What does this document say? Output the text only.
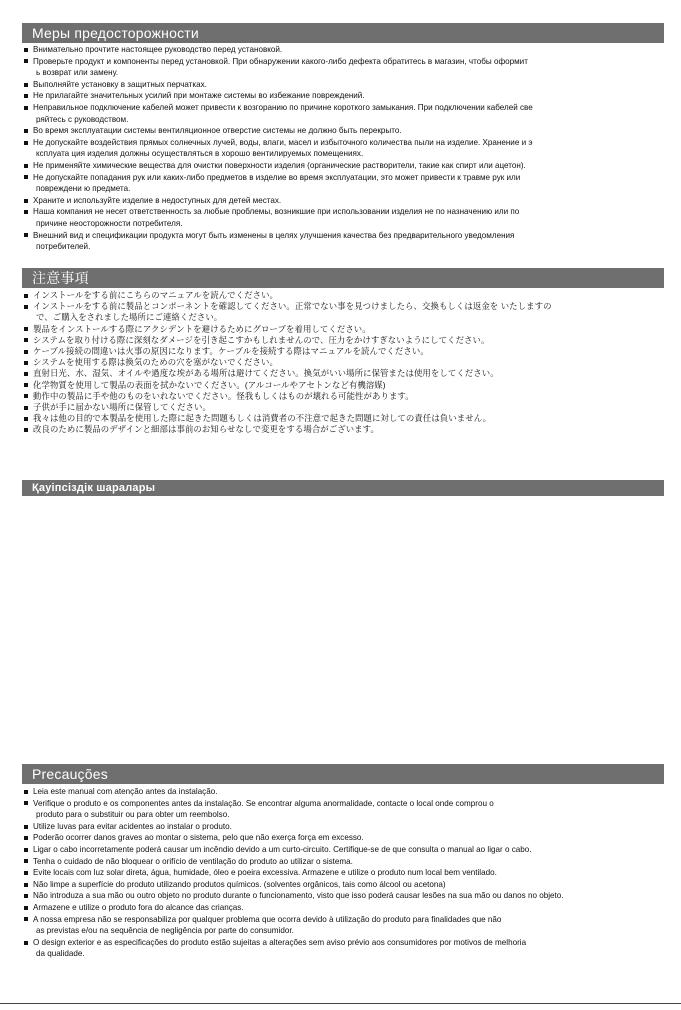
Меры предосторожности
Внимательно прочтите настоящее руководство перед установкой.
Проверьте продукт и компоненты перед установкой. При обнаружении какого-либо дефекта обратитесь в магазин, чтобы оформит
ь возврат или замену.
Выполняйте установку в защитных перчатках.
Не прилагайте значительных усилий при монтаже системы во избежание повреждений.
Неправильное подключение кабелей может привести к возгоранию по причине короткого замыкания. При подключении кабелей све
ряйтесь с руководством.
Во время эксплуатации системы вентиляционное отверстие системы не должно быть перекрыто.
Не допускайте воздействия прямых солнечных лучей, воды, влаги, масел и избыточного количества пыли на изделие. Хранение и э
ксплуата ция изделия должны осуществляться в хорошо вентилируемых помещениях.
Не применяйте химические вещества для очистки поверхности изделия (органические растворители, такие как спирт или ацетон).
Не допускайте попадания рук или каких-либо предметов в изделие во время эксплуатации, это может привести к травме рук или
повреждени ю предмета.
Храните и используйте изделие в недоступных для детей местах.
Наша компания не несет ответственность за любые проблемы, возникшие при использовании изделия не по назначению или по
причине неосторожности потребителя.
Внешний вид и спецификации продукта могут быть изменены в целях улучшения качества без предварительного уведомления
потребителей.
注意事項
インストールをする前にこちらのマニュアルを読んでください。
インストールをする前に製品とコンポーネントを確認してください。正常でない事を見つけましたら、交換もしくは返金を いたしますの
で、ご購入をされました場所にご連絡ください。
製品をインストールする際にアクシデントを避けるためにグローブを着用してください。
システムを取り付ける際に深刻なダメージを引き起こすかもしれませんので、圧力をかけすぎないようにしてください。
ケーブル接続の間違いは火事の原因になります。ケーブルを接続する際はマニュアルを読んでください。
システムを使用する際は換気のための穴を塞がないでください。
直射日光、水、湿気、オイルや過度な埃がある場所は避けてください。換気がいい場所に保管または使用をしてください。
化学物質を使用して製品の表面を拭かないでください。(アルコールやアセトンなど有機溶媒)
動作中の製品に手や他のものをいれないでください。怪我もしくはものが壊れる可能性があります。
子供が手に届かない場所に保管してください。
我々は他の目的で本製品を使用した際に起きた問題もしくは消費者の不注意で起きた問題に対しての責任は負いません。
改良のために製品のデザインと細部は事前のお知らせなしで変更をする場合がございます。
Қауіпсіздік шаралары
Precauções
Leia este manual com atenção antes da instalação.
Verifique o produto e os componentes antes da instalação. Se encontrar alguma anormalidade, contacte o local onde comprou o
produto para o substituir ou para obter um reembolso.
Utilize luvas para evitar acidentes ao instalar o produto.
Poderão ocorrer danos graves ao montar o sistema, pelo que não exerça força em excesso.
Ligar o cabo incorretamente poderá causar um incêndio devido a um curto-circuito. Certifique-se de que consulta o manual ao ligar o cabo.
Tenha o cuidado de não bloquear o orifício de ventilação do produto ao utilizar o sistema.
Evite locais com luz solar direta, água, humidade, óleo e poeira excessiva. Armazene e utilize o produto num local bem ventilado.
Não limpe a superfície do produto utilizando produtos químicos. (solventes orgânicos, tais como álcool ou acetona)
Não introduza a sua mão ou outro objeto no produto durante o funcionamento, visto que isso poderá causar lesões na sua mão ou danos no objeto.
Armazene e utilize o produto fora do alcance das crianças.
A nossa empresa não se responsabiliza por qualquer problema que ocorra devido à utilização do produto para finalidades que não
as previstas e/ou na sequência de negligência por parte do consumidor.
O design exterior e as especificações do produto estão sujeitas a alterações sem aviso prévio aos consumidores por motivos de melhoria
da qualidade.
